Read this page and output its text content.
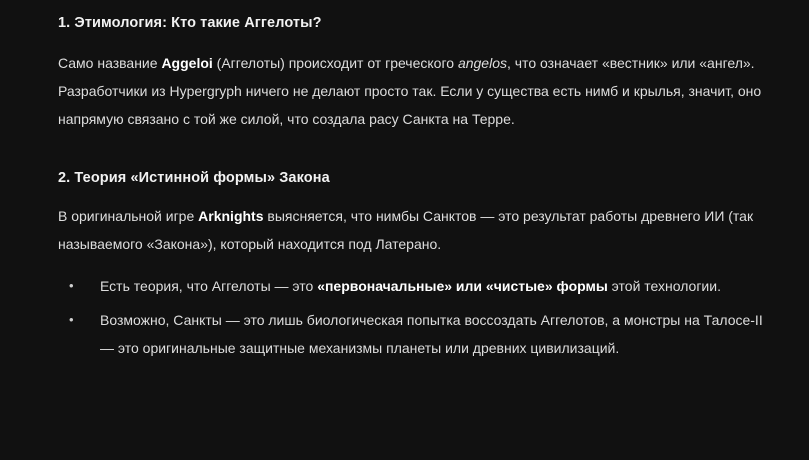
1. Этимология: Кто такие Аггелоты?

Само название Aggeloi (Аггелоты) происходит от греческого angelos, что означает «вестник» или «ангел». Разработчики из Hypergryph ничего не делают просто так. Если у существа есть нимб и крылья, значит, оно напрямую связано с той же силой, что создала расу Санкта на Терре.

2. Теория «Истинной формы» Закона

В оригинальной игре Arknights выясняется, что нимбы Санктов — это результат работы древнего ИИ (так называемого «Закона»), который находится под Латерано.

• Есть теория, что Аггелоты — это «первоначальные» или «чистые» формы этой технологии.
• Возможно, Санкты — это лишь биологическая попытка воссоздать Аггелотов, а монстры на Талосе-II — это оригинальные защитные механизмы планеты или древних цивилизаций.
